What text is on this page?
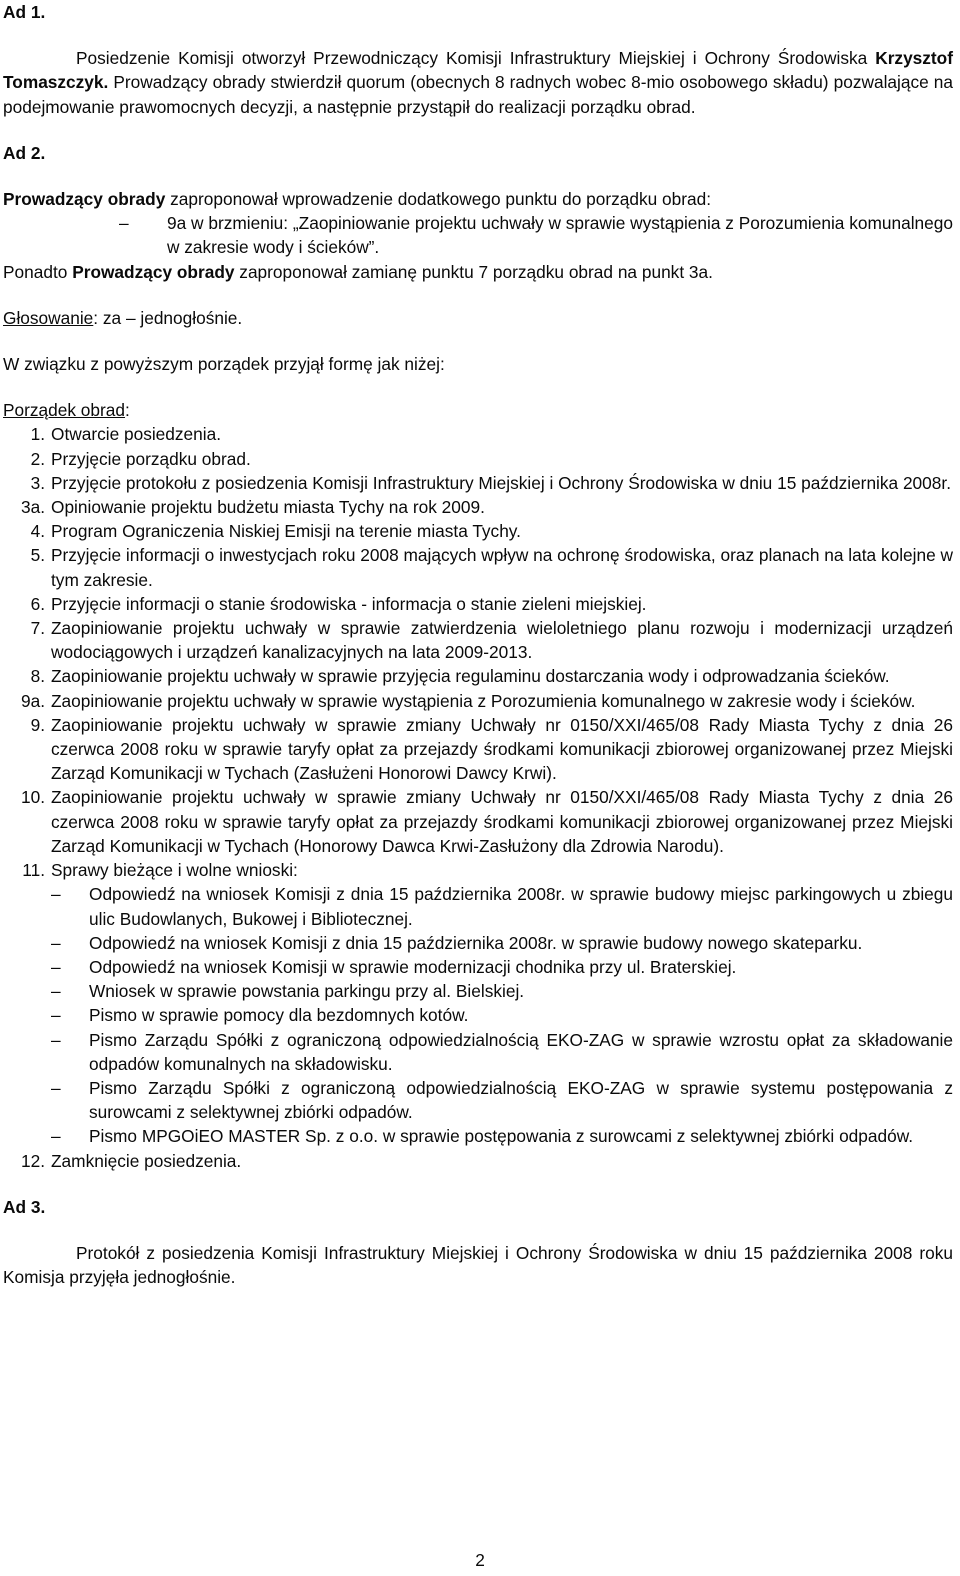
Ad 1.

Posiedzenie Komisji otworzył Przewodniczący Komisji Infrastruktury Miejskiej i Ochrony Środowiska Krzysztof Tomaszczyk. Prowadzący obrady stwierdził quorum (obecnych 8 radnych wobec 8-mio osobowego składu) pozwalające na podejmowanie prawomocnych decyzji, a następnie przystąpił do realizacji porządku obrad.

Ad 2.

Prowadzący obrady zaproponował wprowadzenie dodatkowego punktu do porządku obrad:

– 9a w brzmieniu: „Zaopiniowanie projektu uchwały w sprawie wystąpienia z Porozumienia komunalnego w zakresie wody i ścieków”.

Ponadto Prowadzący obrady zaproponował zamianę punktu 7 porządku obrad na punkt 3a.

Głosowanie: za – jednogłośnie.

W związku z powyższym porządek przyjął formę jak niżej:

Porządek obrad:

1. Otwarcie posiedzenia.
2. Przyjęcie porządku obrad.
3. Przyjęcie protokołu z posiedzenia Komisji Infrastruktury Miejskiej i Ochrony Środowiska w dniu 15 października 2008r.
3a. Opiniowanie projektu budżetu miasta Tychy na rok 2009.
4. Program Ograniczenia Niskiej Emisji na terenie miasta Tychy.
5. Przyjęcie informacji o inwestycjach roku 2008 mających wpływ na ochronę środowiska, oraz planach na lata kolejne w tym zakresie.
6. Przyjęcie informacji o stanie środowiska - informacja o stanie zieleni miejskiej.
7. Zaopiniowanie projektu uchwały w sprawie zatwierdzenia wieloletniego planu rozwoju i modernizacji urządzeń wodociągowych i urządzeń kanalizacyjnych na lata 2009-2013.
8. Zaopiniowanie projektu uchwały w sprawie przyjęcia regulaminu dostarczania wody i odprowadzania ścieków.
9a. Zaopiniowanie projektu uchwały w sprawie wystąpienia z Porozumienia komunalnego w zakresie wody i ścieków.
9. Zaopiniowanie projektu uchwały w sprawie zmiany Uchwały nr 0150/XXI/465/08 Rady Miasta Tychy z dnia 26 czerwca 2008 roku w sprawie taryfy opłat za przejazdy środkami komunikacji zbiorowej organizowanej przez Miejski Zarząd Komunikacji w Tychach (Zasłużeni Honorowi Dawcy Krwi).
10. Zaopiniowanie projektu uchwały w sprawie zmiany Uchwały nr 0150/XXI/465/08 Rady Miasta Tychy z dnia 26 czerwca 2008 roku w sprawie taryfy opłat za przejazdy środkami komunikacji zbiorowej organizowanej przez Miejski Zarząd Komunikacji w Tychach (Honorowy Dawca Krwi-Zasłużony dla Zdrowia Narodu).
11. Sprawy bieżące i wolne wnioski:
– Odpowiedź na wniosek Komisji z dnia 15 października 2008r. w sprawie budowy miejsc parkingowych u zbiegu ulic Budowlanych, Bukowej i Bibliotecznej.
– Odpowiedź na wniosek Komisji z dnia 15 października 2008r. w sprawie budowy nowego skateparku.
– Odpowiedź na wniosek Komisji w sprawie modernizacji chodnika przy ul. Braterskiej.
– Wniosek w sprawie powstania parkingu przy al. Bielskiej.
– Pismo w sprawie pomocy dla bezdomnych kotów.
– Pismo Zarządu Spółki z ograniczoną odpowiedzialnością EKO-ZAG w sprawie wzrostu opłat za składowanie odpadów komunalnych na składowisku.
– Pismo Zarządu Spółki z ograniczoną odpowiedzialnością EKO-ZAG w sprawie systemu postępowania z surowcami z selektywnej zbiórki odpadów.
– Pismo MPGOiEO MASTER Sp. z o.o. w sprawie postępowania z surowcami z selektywnej zbiórki odpadów.
12. Zamknięcie posiedzenia.

Ad 3.

Protokół z posiedzenia Komisji Infrastruktury Miejskiej i Ochrony Środowiska w dniu 15 października 2008 roku Komisja przyjęła jednogłośnie.

2
